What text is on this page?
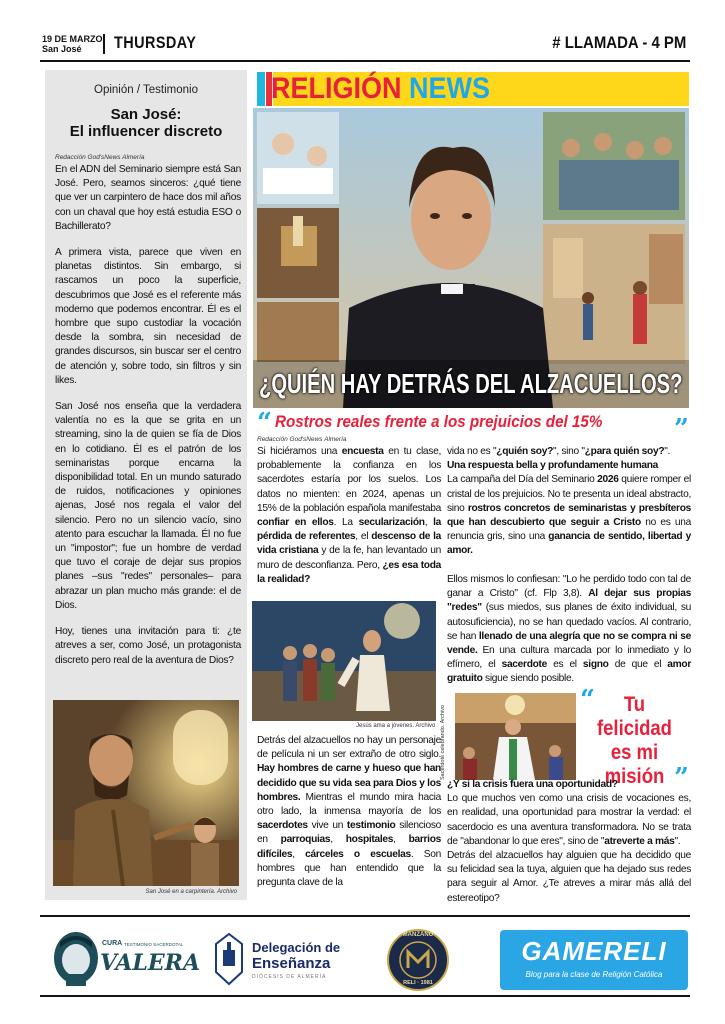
19 DE MARZO
San José	THURSDAY	# LLAMADA - 4 PM
Opinión / Testimonio
San José:
El influencer discreto
Redacción God'sNews Almería

En el ADN del Seminario siempre está San José. Pero, seamos sinceros: ¿qué tiene que ver un carpintero de hace dos mil años con un chaval que hoy está estudia ESO o Bachillerato?

A primera vista, parece que viven en planetas distintos. Sin embargo, si rascamos un poco la superficie, descubrimos que José es el referente más moderno que podemos encontrar. Él es el hombre que supo custodiar la vocación desde la sombra, sin necesidad de grandes discursos, sin buscar ser el centro de atención y, sobre todo, sin filtros y sin likes.

San José nos enseña que la verdadera valentía no es la que se grita en un streaming, sino la de quien se fía de Dios en lo cotidiano. Él es el patrón de los seminaristas porque encarna la disponibilidad total. En un mundo saturado de ruidos, notificaciones y opiniones ajenas, José nos regala el valor del silencio. Pero no un silencio vacío, sino atento para escuchar la llamada. Él no fue un "impostor"; fue un hombre de verdad que tuvo el coraje de dejar sus propios planes –sus "redes" personales– para abrazar un plan mucho más grande: el de Dios.

Hoy, tienes una invitación para ti: ¿te atreves a ser, como José, un protagonista discreto pero real de la aventura de Dios?

San José en a carpintería. Archivo
RELIGIÓN NEWS
¿QUIÉN HAY DETRÁS DEL ALZACUELLOS?
“ Rostros reales frente a los prejuicios del 15%	”
Redacción God'sNews Almería
Si hiciéramos una encuesta en tu clase, probablemente la confianza en los sacerdotes estaría por los suelos. Los datos no mienten: en 2024, apenas un 15% de la población española manifestaba confiar en ellos. La secularización, la pérdida de referentes, el descenso de la vida cristiana y de la fe, han levantado un muro de desconfianza. Pero, ¿es esa toda la realidad?
Jesús ama a jóvenes. Archivo
Detrás del alzacuellos no hay un personaje de película ni un ser extraño de otro siglo. Hay hombres de carne y hueso que han decidido que su vida sea para Dios y los hombres. Mientras el mundo mira hacia otro lado, la inmensa mayoría de los sacerdotes vive un testimonio silencioso en parroquias, hospitales, barrios difíciles, cárceles o escuelas. Son hombres que han entendido que la pregunta clave de la
vida no es "¿quién soy?", sino "¿para quién soy?".
Una respuesta bella y profundamente humana
La campaña del Día del Seminario 2026 quiere romper el cristal de los prejuicios. No te presenta un ideal abstracto, sino rostros concretos de seminaristas y presbíteros que han descubierto que seguir a Cristo no es una renuncia gris, sino una ganancia de sentido, libertad y amor.
Ellos mismos lo confiesan: "Lo he perdido todo con tal de ganar a Cristo" (cf. Flp 3,8). Al dejar sus propias "redes" (sus miedos, sus planes de éxito individual, su autosuficiencia), no se han quedado vacíos. Al contrario, se han llenado de una alegría que no se compra ni se vende. En una cultura marcada por lo inmediato y lo efímero, el sacerdote es el signo de que el amor gratuito sigue siendo posible.
Sacerdote celebrando. Archivo
“	Tu felicidad
es mi
misión ”
¿Y si la crisis fuera una oportunidad?
Lo que muchos ven como una crisis de vocaciones es, en realidad, una oportunidad para mostrar la verdad: el sacerdocio es una aventura transformadora. No se trata de "abandonar lo que eres", sino de "atreverte a más".
Detrás del alzacuellos hay alguien que ha decidido que su felicidad sea la tuya, alguien que ha dejado sus redes para seguir al Amor. ¿Te atreves a mirar más allá del estereotipo?
CURA
VALERA
TESTIMONIO SACERDOTAL	Delegación de
Enseñanza
DIÓCESIS DE ALMERÍA
MANZANO
RELI · 1981
GAMERELI
Blog para la clase de Religión Católica
